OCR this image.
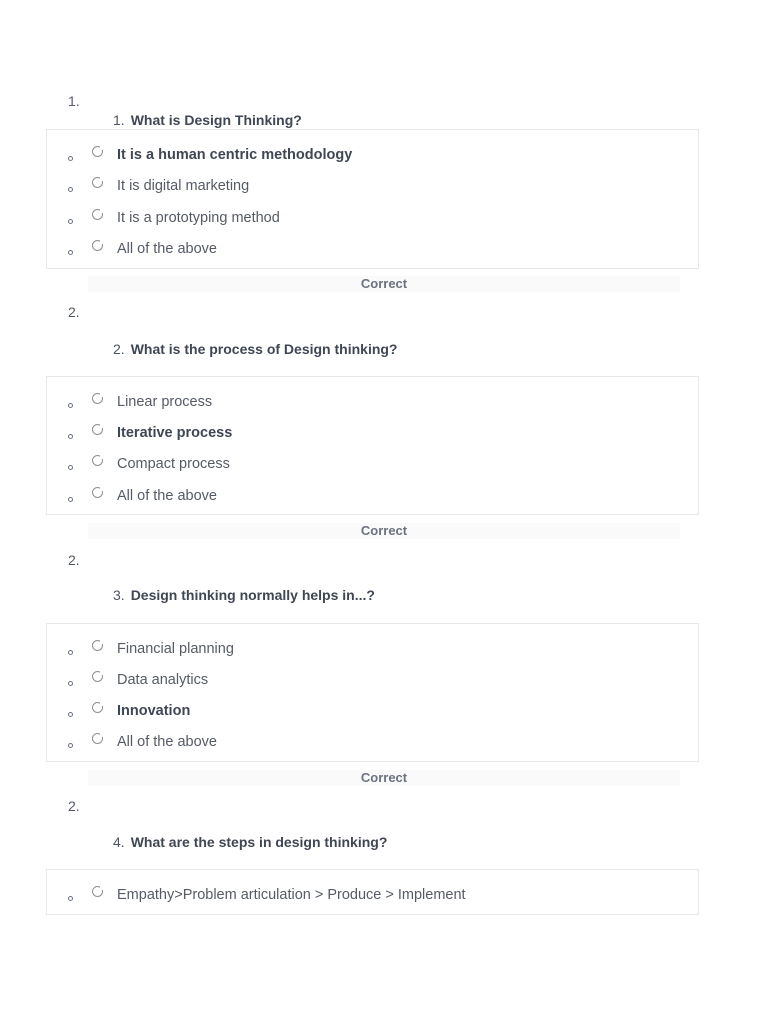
1.
1. What is Design Thinking?
It is a human centric methodology
It is digital marketing
It is a prototyping method
All of the above
Correct
2.
2. What is the process of Design thinking?
Linear process
Iterative process
Compact process
All of the above
Correct
2.
3. Design thinking normally helps in...?
Financial planning
Data analytics
Innovation
All of the above
Correct
2.
4. What are the steps in design thinking?
Empathy>Problem articulation > Produce > Implement
